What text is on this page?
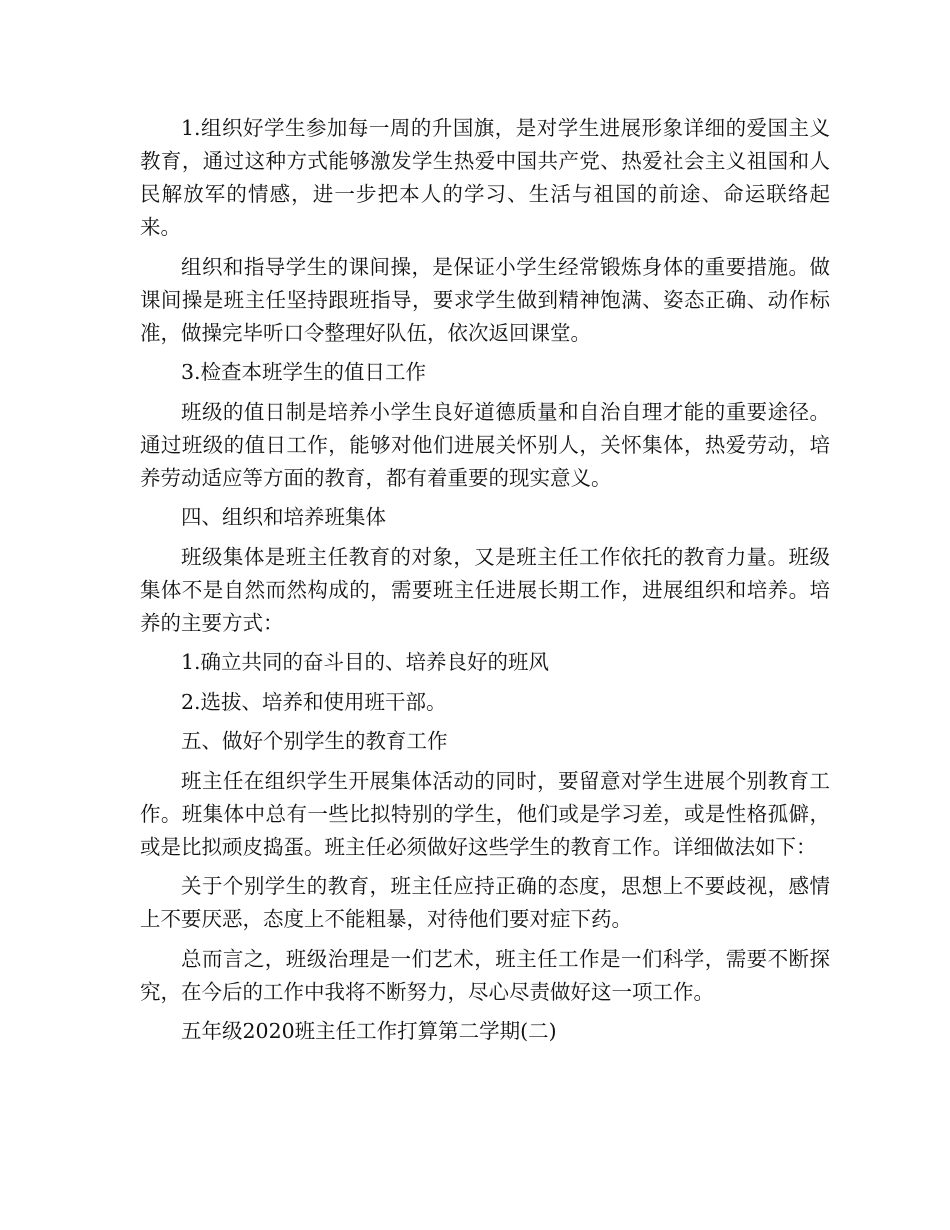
1.组织好学生参加每一周的升国旗，是对学生进展形象详细的爱国主义教育，通过这种方式能够激发学生热爱中国共产党、热爱社会主义祖国和人民解放军的情感，进一步把本人的学习、生活与祖国的前途、命运联络起来。

组织和指导学生的课间操，是保证小学生经常锻炼身体的重要措施。做课间操是班主任坚持跟班指导，要求学生做到精神饱满、姿态正确、动作标准，做操完毕听口令整理好队伍，依次返回课堂。

3.检查本班学生的值日工作

班级的值日制是培养小学生良好道德质量和自治自理才能的重要途径。通过班级的值日工作，能够对他们进展关怀别人，关怀集体，热爱劳动，培养劳动适应等方面的教育，都有着重要的现实意义。

四、组织和培养班集体

班级集体是班主任教育的对象，又是班主任工作依托的教育力量。班级集体不是自然而然构成的，需要班主任进展长期工作，进展组织和培养。培养的主要方式：

1.确立共同的奋斗目的、培养良好的班风

2.选拔、培养和使用班干部。

五、做好个别学生的教育工作

班主任在组织学生开展集体活动的同时，要留意对学生进展个别教育工作。班集体中总有一些比拟特别的学生，他们或是学习差，或是性格孤僻，或是比拟顽皮捣蛋。班主任必须做好这些学生的教育工作。详细做法如下：

关于个别学生的教育，班主任应持正确的态度，思想上不要歧视，感情上不要厌恶，态度上不能粗暴，对待他们要对症下药。

总而言之，班级治理是一们艺术，班主任工作是一们科学，需要不断探究，在今后的工作中我将不断努力，尽心尽责做好这一项工作。

五年级2020班主任工作打算第二学期(二)
